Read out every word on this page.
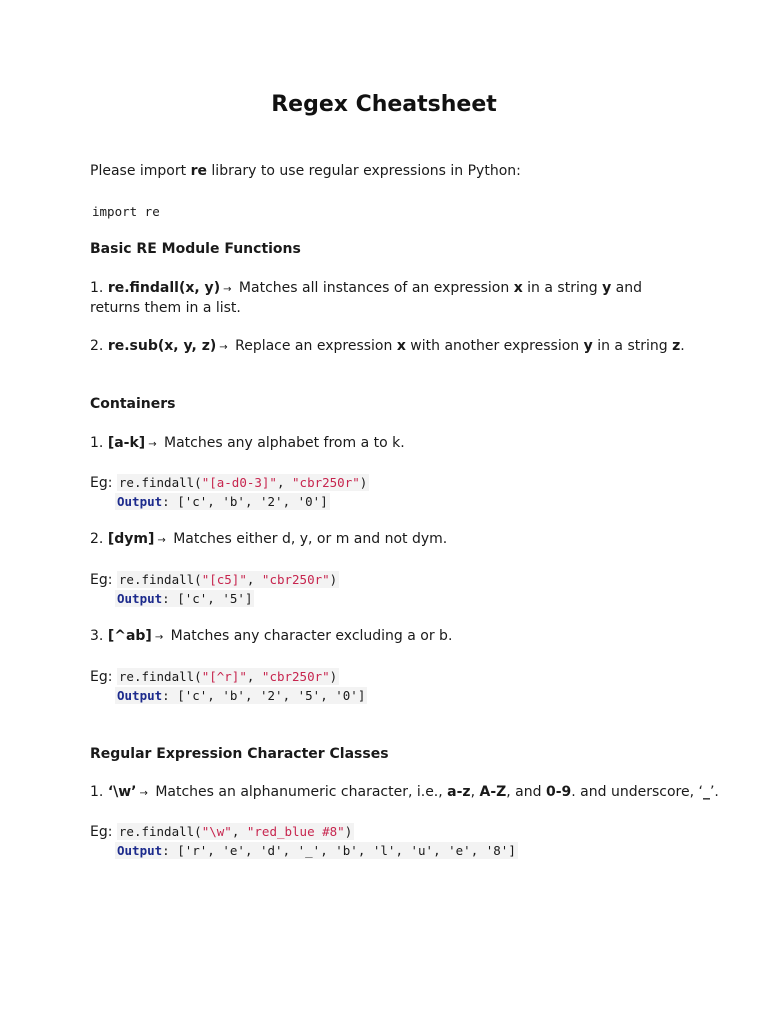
Regex Cheatsheet
Please import re library to use regular expressions in Python:
import re
Basic RE Module Functions
1. re.findall(x, y) → Matches all instances of an expression x in a string y and returns them in a list.
2. re.sub(x, y, z) → Replace an expression x with another expression y in a string z.
Containers
1. [a-k] → Matches any alphabet from a to k.
Eg: re.findall("[a-d0-3]", "cbr250r")
Output: ['c', 'b', '2', '0']
2. [dym] → Matches either d, y, or m and not dym.
Eg: re.findall("[c5]", "cbr250r")
Output: ['c', '5']
3. [^ab] → Matches any character excluding a or b.
Eg: re.findall("[^r]", "cbr250r")
Output: ['c', 'b', '2', '5', '0']
Regular Expression Character Classes
1. ‘\w’ → Matches an alphanumeric character, i.e., a-z, A-Z, and 0-9. and underscore, ‘_’.
Eg: re.findall("\w", "red_blue #8")
Output: ['r', 'e', 'd', '_', 'b', 'l', 'u', 'e', '8']
